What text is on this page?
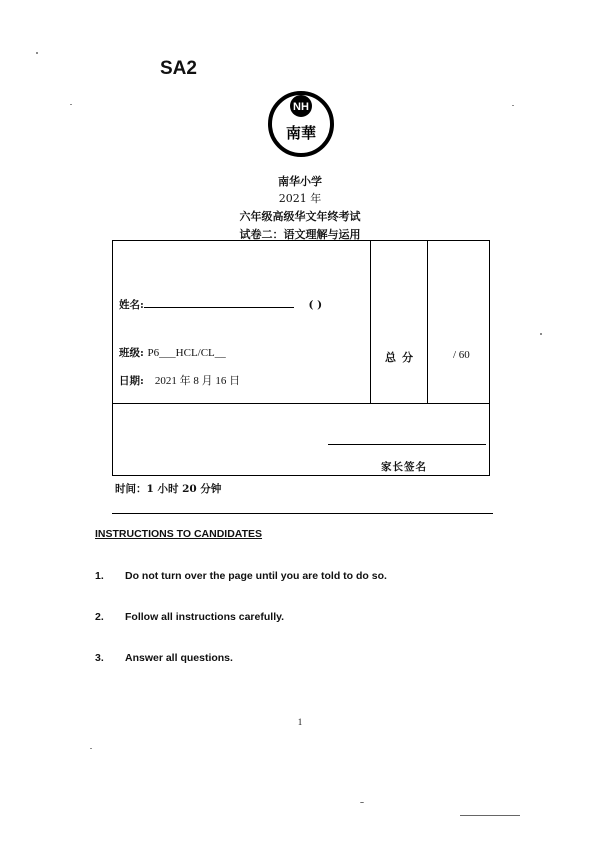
SA2
NH
南華
南华小学
2021 年
六年级高级华文年终考试
试卷二：语文理解与运用
姓名:	( )
班级: P6___HCL/CL__
日期: 2021 年 8 月 16 日
总分	/ 60
家长签名
时间：1 小时 20 分钟
INSTRUCTIONS TO CANDIDATES
1. Do not turn over the page until you are told to do so.
2. Follow all instructions carefully.
3. Answer all questions.
1
